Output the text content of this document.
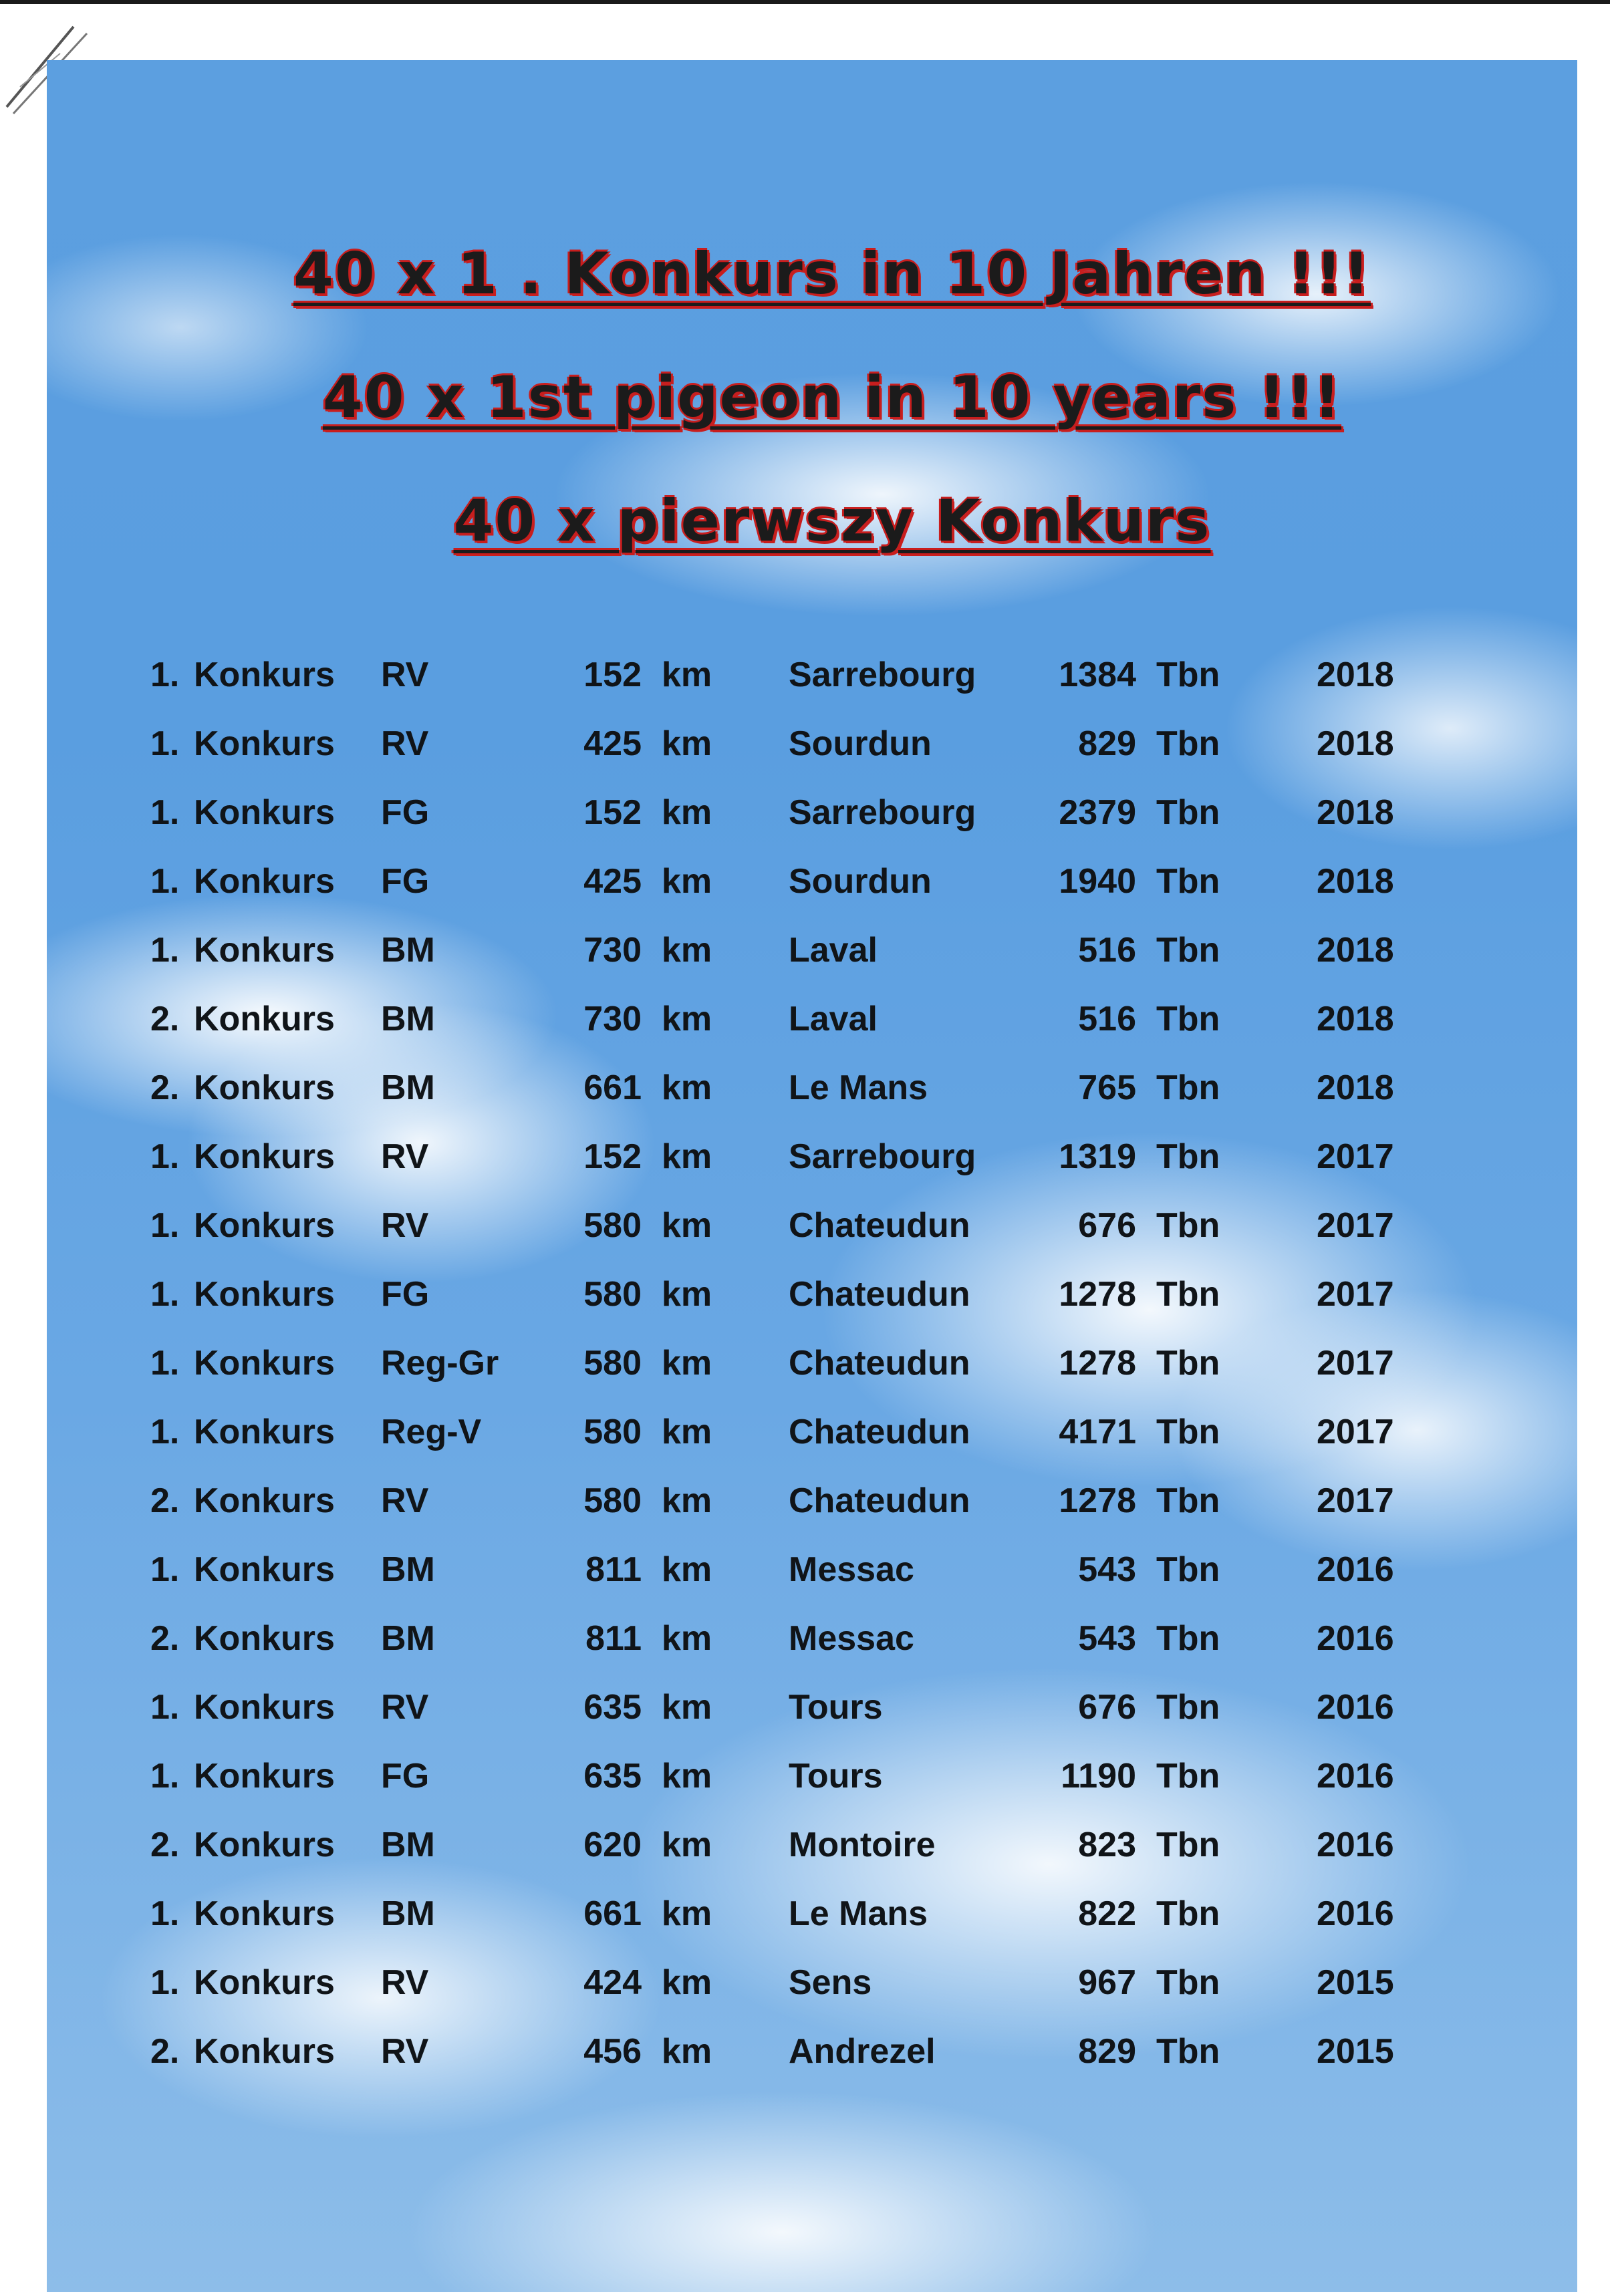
40 x 1 . Konkurs in 10 Jahren !!!
40 x 1st pigeon in 10 years !!!
40 x pierwszy Konkurs
1. Konkurs RV	152 km Sarrebourg	1384 Tbn	2018
1. Konkurs RV	425 km Sourdun	829 Tbn	2018
1. Konkurs FG	152 km Sarrebourg	2379 Tbn	2018
1. Konkurs FG	425 km Sourdun	1940 Tbn	2018
1. Konkurs BM	730 km Laval	516 Tbn	2018
2. Konkurs BM	730 km Laval	516 Tbn	2018
2. Konkurs BM	661 km Le Mans	765 Tbn	2018
1. Konkurs RV	152 km Sarrebourg	1319 Tbn	2017
1. Konkurs RV	580 km Chateudun	676 Tbn	2017
1. Konkurs FG	580 km Chateudun	1278 Tbn	2017
1. Konkurs Reg-Gr	580 km Chateudun	1278 Tbn	2017
1. Konkurs Reg-V	580 km Chateudun	4171 Tbn	2017
2. Konkurs RV	580 km Chateudun	1278 Tbn	2017
1. Konkurs BM	811 km Messac	543 Tbn	2016
2. Konkurs BM	811 km Messac	543 Tbn	2016
1. Konkurs RV	635 km Tours	676 Tbn	2016
1. Konkurs FG	635 km Tours	1190 Tbn	2016
2. Konkurs BM	620 km Montoire	823 Tbn	2016
1. Konkurs BM	661 km Le Mans	822 Tbn	2016
1. Konkurs RV	424 km Sens	967 Tbn	2015
2. Konkurs RV	456 km Andrezel	829 Tbn	2015
